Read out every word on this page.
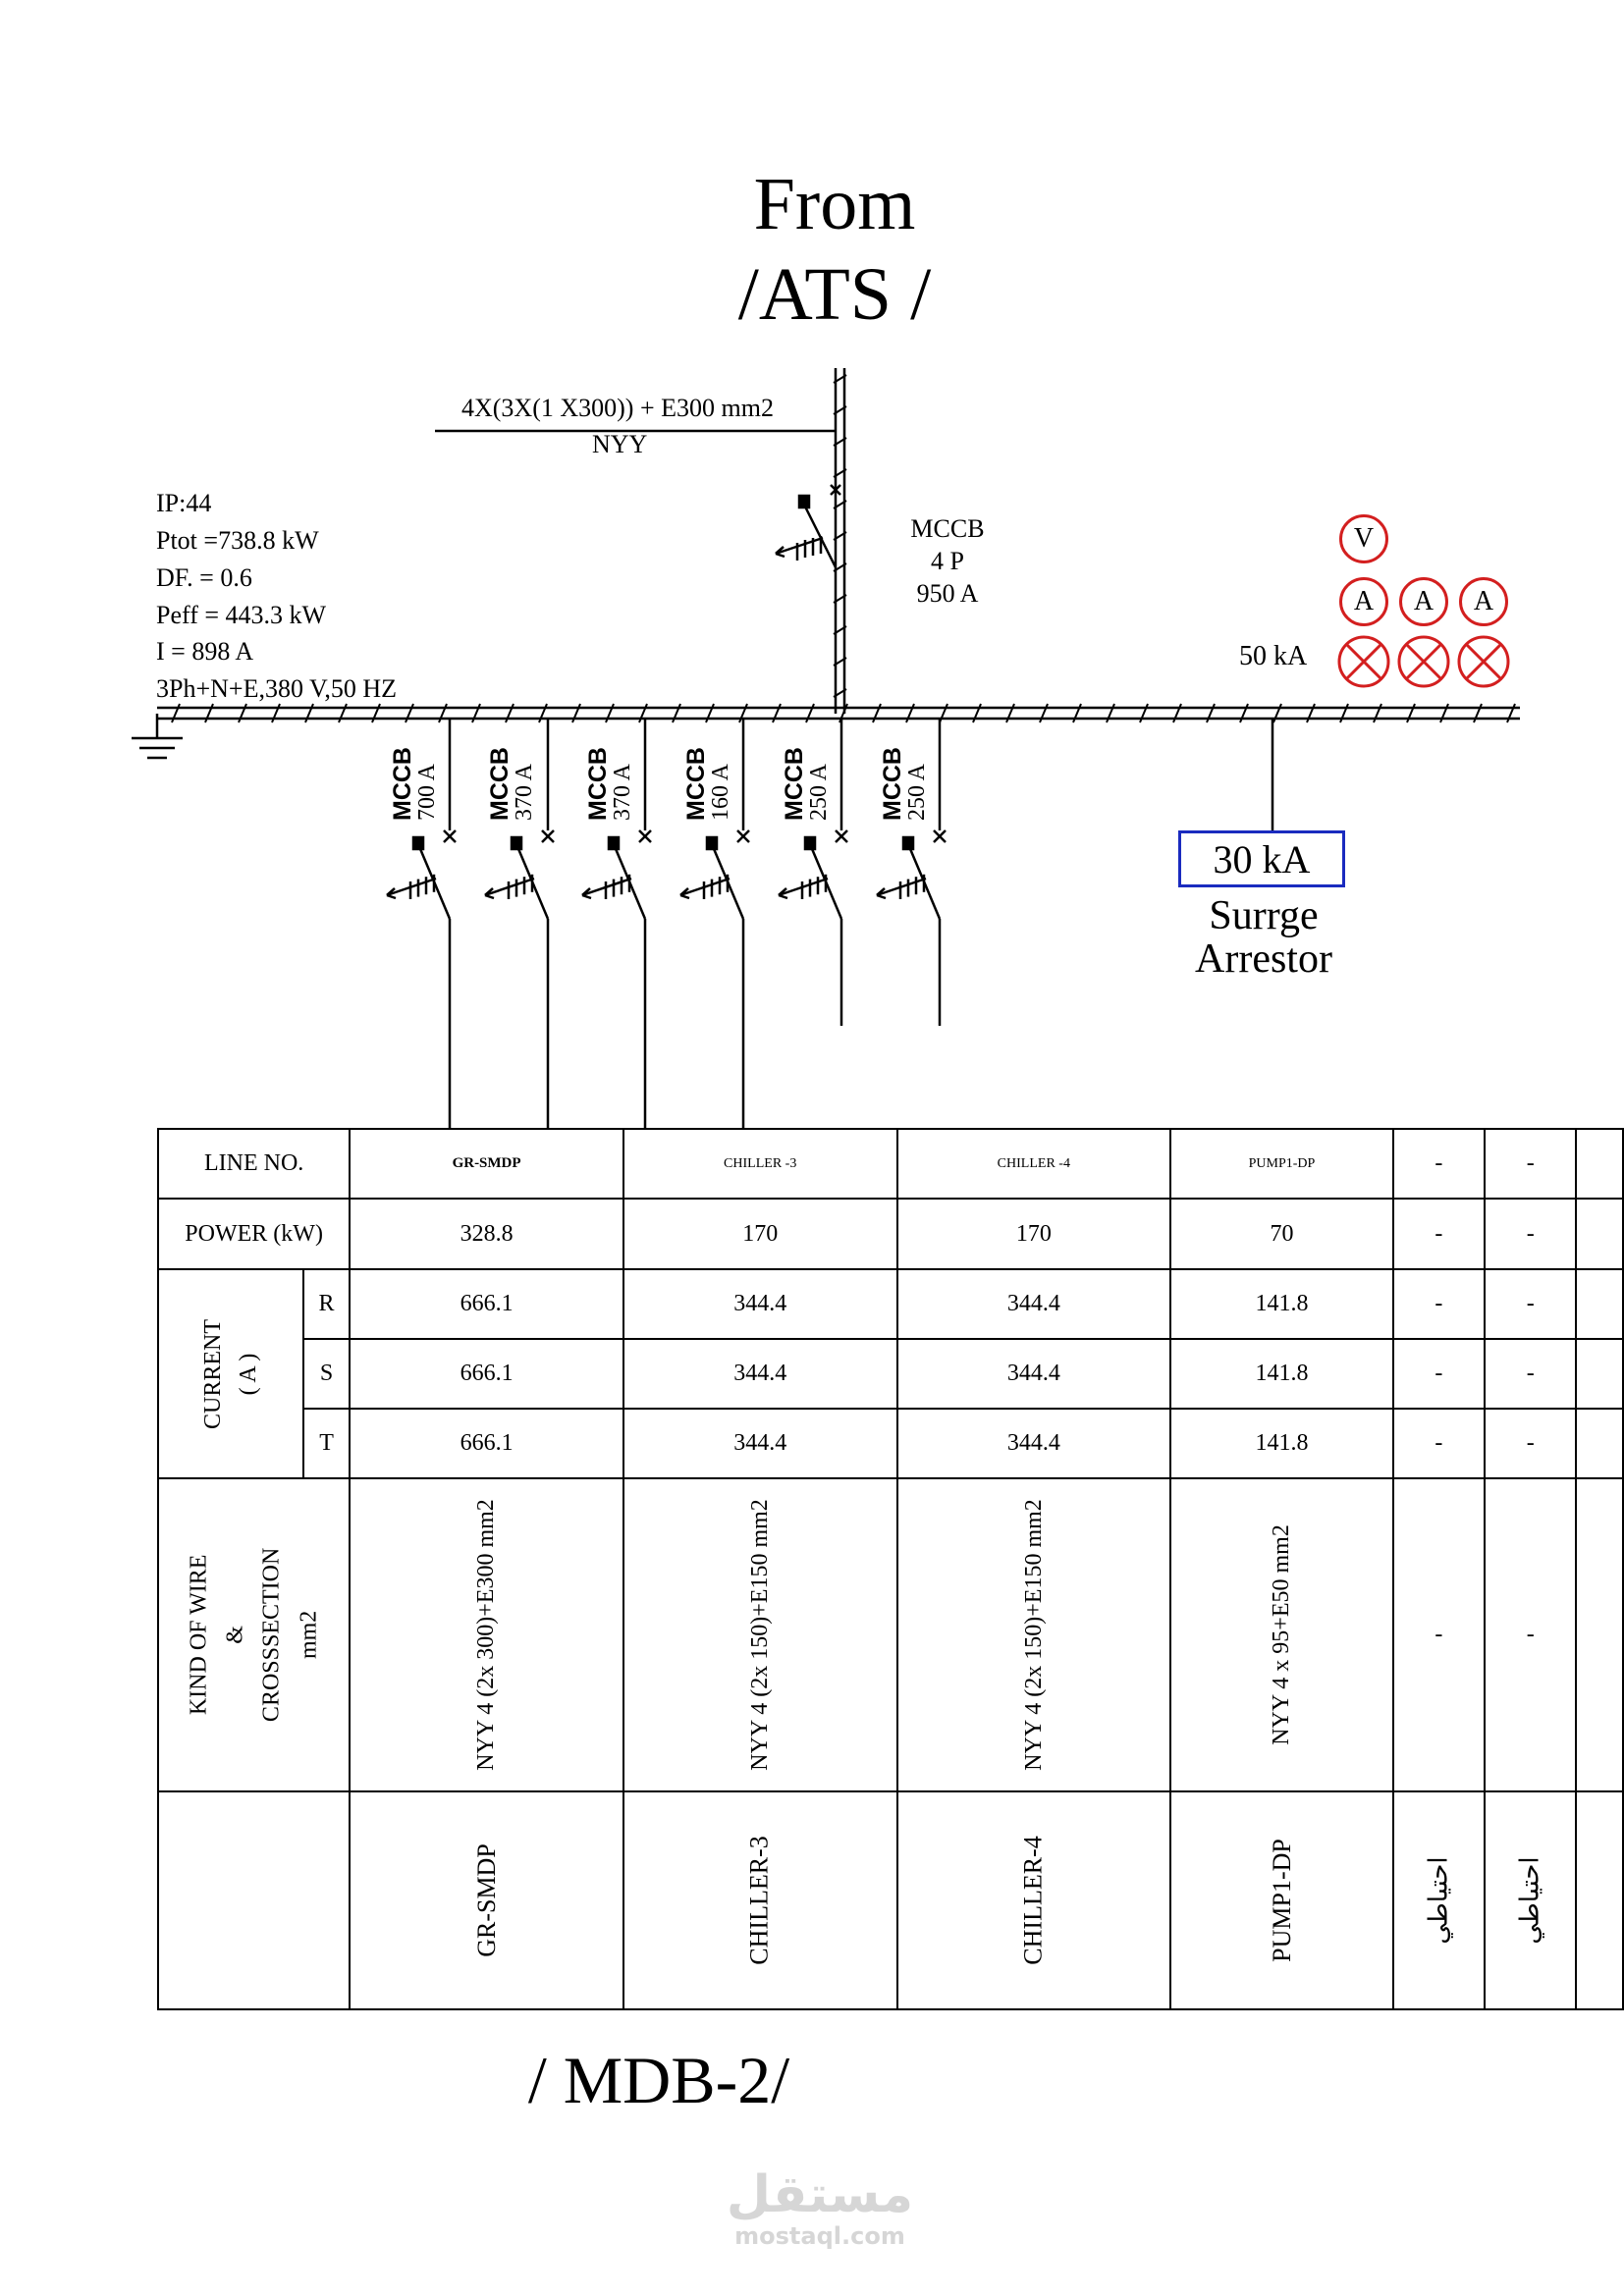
From
/ATS /
4X(3X(1 X300)) + E300 mm2
NYY
IP:44
Ptot =738.8 kW
DF. = 0.6
Peff = 443.3 kW
I = 898 A
3Ph+N+E,380 V,50 HZ
MCCB
4 P
950 A
V
A	A	A
50 kA
MCCB
700 A MCCB
370 A MCCB
370 A MCCB
160 A MCCB
250 A MCCB
250 A
30 kA
Surrge
Arrestor
LINE NO.		GR-SMDP	CHILLER -3	CHILLER -4	PUMP1-DP	-	-	
POWER (kW)		328.8	170	170	70	-	-	

CURRENT ( A )	R	666.1	344.4	344.4	141.8	-	-	
	S	666.1	344.4	344.4	141.8	-	-	
	T	666.1	344.4	344.4	141.8	-	-	

KIND OF WIRE & CROSSSECTION mm2		NYY 4 (2x 300)+E300 mm2	NYY 4 (2x 150)+E150 mm2	NYY 4 (2x 150)+E150 mm2	NYY 4 x 95+E50 mm2	-	-	
		GR-SMDP	CHILLER-3	CHILLER-4	PUMP1-DP	احتياطي	احتياطي	
/ MDB-2/
مستقل
mostaql.com
